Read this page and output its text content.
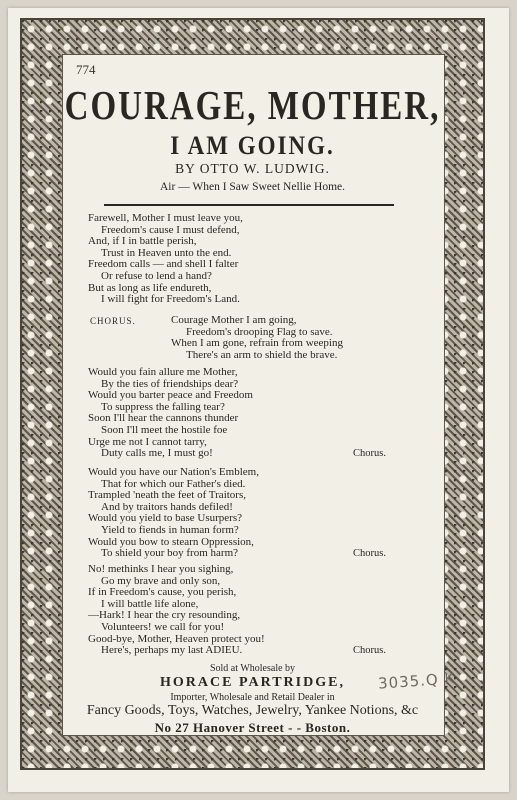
774
COURAGE, MOTHER,
I AM GOING.
BY OTTO W. LUDWIG.
Air — When I Saw Sweet Nellie Home.
Farewell, Mother I must leave you,
Freedom's cause I must defend,
And, if I in battle perish,
Trust in Heaven unto the end.
Freedom calls — and shell I falter
Or refuse to lend a hand?
But as long as life endureth,
I will fight for Freedom's Land.
CHORUS.	Courage Mother I am going,
Freedom's drooping Flag to save.
When I am gone, refrain from weeping
There's an arm to shield the brave.
Would you fain allure me Mother,
By the ties of friendships dear?
Would you barter peace and Freedom
To suppress the falling tear?
Soon I'll hear the cannons thunder
Soon I'll meet the hostile foe
Urge me not I cannot tarry,
Duty calls me, I must go!	Chorus.
Would you have our Nation's Emblem,
That for which our Father's died.
Trampled 'neath the feet of Traitors,
And by traitors hands defiled!
Would you yield to base Usurpers?
Yield to fiends in human form?
Would you bow to stearn Oppression,
To shield your boy from harm?	Chorus.
No! methinks I hear you sighing,
Go my brave and only son,
If in Freedom's cause, you perish,
I will battle life alone,
—Hark! I hear the cry resounding,
Volunteers! we call for you!
Good-bye, Mother, Heaven protect you!
Here's, perhaps my last ADIEU.	Chorus.
Sold at Wholesale by
HORACE PARTRIDGE,
Importer, Wholesale and Retail Dealer in
Fancy Goods, Toys, Watches, Jewelry, Yankee Notions, &c
No 27 Hanover Street - - Boston.
3035.Q K
